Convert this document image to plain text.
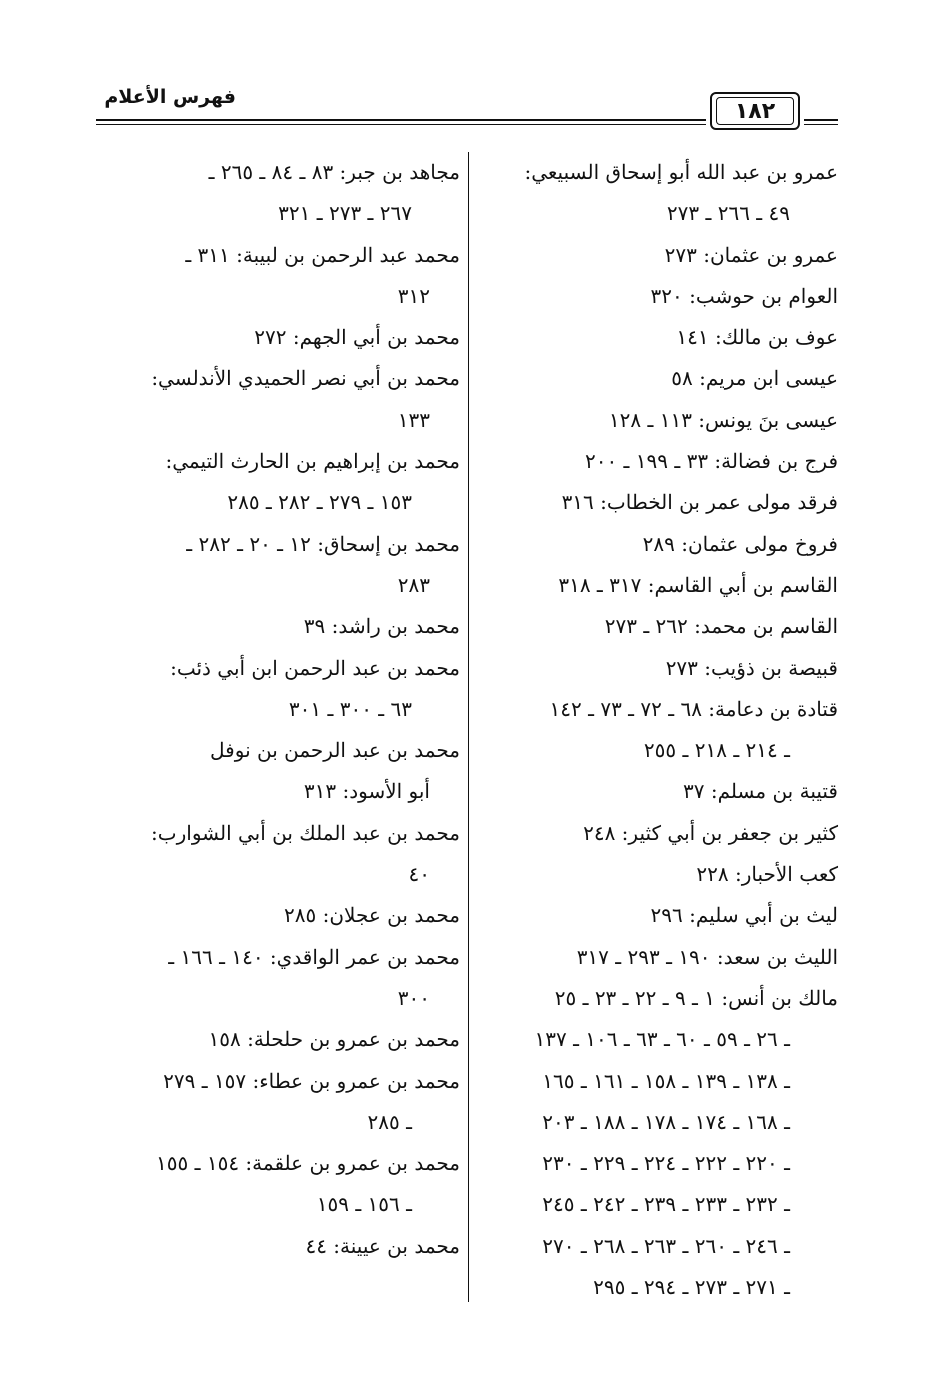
فهرس الأعلام
١٨٢
عمرو بن عبد الله أبو إسحاق السبيعي:
٤٩ ـ ٢٦٦ ـ ٢٧٣
عمرو بن عثمان: ٢٧٣
العوام بن حوشب: ٣٢٠
عوف بن مالك: ١٤١
عيسى ابن مريم: ٥٨
عيسى بنَ يونس: ١١٣ ـ ١٢٨
فرج بن فضالة: ٣٣ ـ ١٩٩ ـ ٢٠٠
فرقد مولى عمر بن الخطاب: ٣١٦
فروخ مولى عثمان: ٢٨٩
القاسم بن أبي القاسم: ٣١٧ ـ ٣١٨
القاسم بن محمد: ٢٦٢ ـ ٢٧٣
قبيصة بن ذؤيب: ٢٧٣
قتادة بن دعامة: ٦٨ ـ ٧٢ ـ ٧٣ ـ ١٤٢
ـ ٢١٤ ـ ٢١٨ ـ ٢٥٥
قتيبة بن مسلم: ٣٧
كثير بن جعفر بن أبي كثير: ٢٤٨
كعب الأحبار: ٢٢٨
ليث بن أبي سليم: ٢٩٦
الليث بن سعد: ١٩٠ ـ ٢٩٣ ـ ٣١٧
مالك بن أنس: ١ ـ ٩ ـ ٢٢ ـ ٢٣ ـ ٢٥
ـ ٢٦ ـ ٥٩ ـ ٦٠ ـ ٦٣ ـ ١٠٦ ـ ١٣٧
ـ ١٣٨ ـ ١٣٩ ـ ١٥٨ ـ ١٦١ ـ ١٦٥
ـ ١٦٨ ـ ١٧٤ ـ ١٧٨ ـ ١٨٨ ـ ٢٠٣
ـ ٢٢٠ ـ ٢٢٢ ـ ٢٢٤ ـ ٢٢٩ ـ ٢٣٠
ـ ٢٣٢ ـ ٢٣٣ ـ ٢٣٩ ـ ٢٤٢ ـ ٢٤٥
ـ ٢٤٦ ـ ٢٦٠ ـ ٢٦٣ ـ ٢٦٨ ـ ٢٧٠
ـ ٢٧١ ـ ٢٧٣ ـ ٢٩٤ ـ ٢٩٥
مجاهد بن جبر: ٨٣ ـ ٨٤ ـ ٢٦٥ ـ
٢٦٧ ـ ٢٧٣ ـ ٣٢١
محمد عبد الرحمن بن لبيبة: ٣١١ ـ
٣١٢
محمد بن أبي الجهم: ٢٧٢
محمد بن أبي نصر الحميدي الأندلسي:
١٣٣
محمد بن إبراهيم بن الحارث التيمي:
١٥٣ ـ ٢٧٩ ـ ٢٨٢ ـ ٢٨٥
محمد بن إسحاق: ١٢ ـ ٢٠ ـ ٢٨٢ ـ
٢٨٣
محمد بن راشد: ٣٩
محمد بن عبد الرحمن ابن أبي ذئب:
٦٣ ـ ٣٠٠ ـ ٣٠١
محمد بن عبد الرحمن بن نوفل
أبو الأسود: ٣١٣
محمد بن عبد الملك بن أبي الشوارب:
٤٠
محمد بن عجلان: ٢٨٥
محمد بن عمر الواقدي: ١٤٠ ـ ١٦٦ ـ
٣٠٠
محمد بن عمرو بن حلحلة: ١٥٨
محمد بن عمرو بن عطاء: ١٥٧ ـ ٢٧٩
ـ ٢٨٥
محمد بن عمرو بن علقمة: ١٥٤ ـ ١٥٥
ـ ١٥٦ ـ ١٥٩
محمد بن عيينة: ٤٤
